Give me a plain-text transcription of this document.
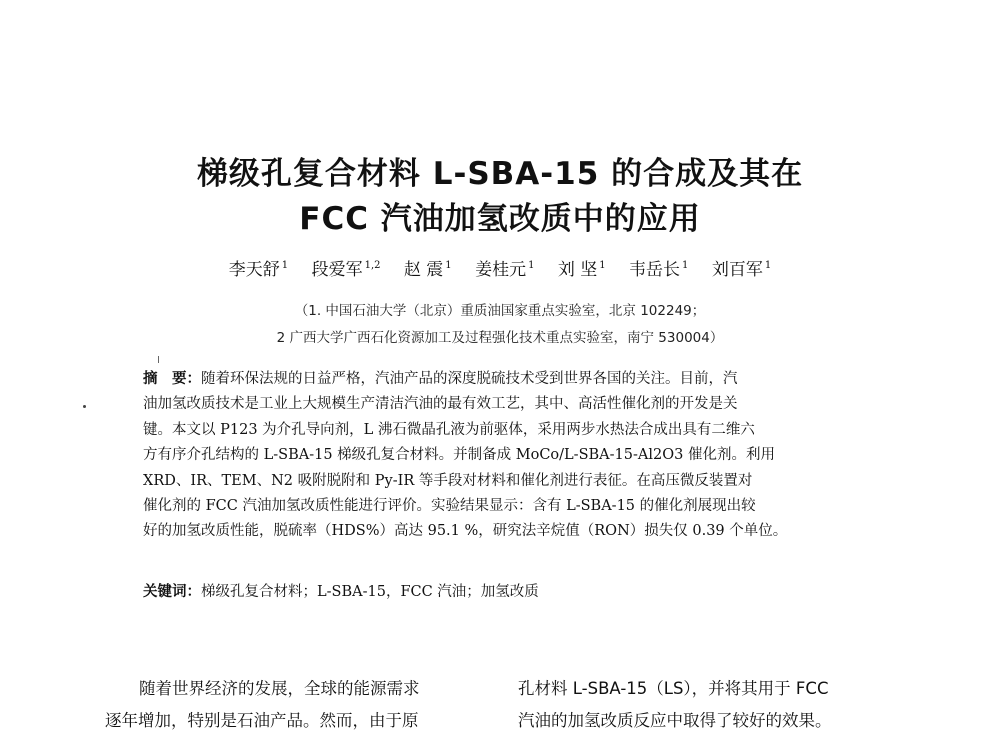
梯级孔复合材料 L-SBA-15 的合成及其在
FCC 汽油加氢改质中的应用
李天舒 $^1$ 段爱军 $^{1,2}$ 赵 震 $^1$ 姜桂元 $^1$ 刘 坚 $^1$ 韦岳长 $^1$ 刘百军 $^1$
（1. 中国石油大学（北京）重质油国家重点实验室，北京 102249；
2 广西大学广西石化资源加工及过程强化技术重点实验室，南宁 530004）
摘　要：随着环保法规的日益严格，汽油产品的深度脱硫技术受到世界各国的关注。目前，汽
油加氢改质技术是工业上大规模生产清洁汽油的最有效工艺，其中、高活性催化剂的开发是关
键。本文以 P123 为介孔导向剂，L 沸石微晶孔液为前驱体，采用两步水热法合成出具有二维六
方有序介孔结构的 L-SBA-15 梯级孔复合材料。并制备成 MoCo/L-SBA-15-Al2O3 催化剂。利用
XRD、IR、TEM、N2 吸附脱附和 Py-IR 等手段对材料和催化剂进行表征。在高压微反装置对
催化剂的 FCC 汽油加氢改质性能进行评价。实验结果显示：含有 L-SBA-15 的催化剂展现出较
好的加氢改质性能，脱硫率（HDS%）高达 95.1 %，研究法辛烷值（RON）损失仅 0.39 个单位。
关键词：梯级孔复合材料；L-SBA-15，FCC 汽油；加氢改质
随着世界经济的发展，全球的能源需求
逐年增加，特别是石油产品。然而，由于原
孔材料 L-SBA-15（LS），并将其用于 FCC
汽油的加氢改质反应中取得了较好的效果。
